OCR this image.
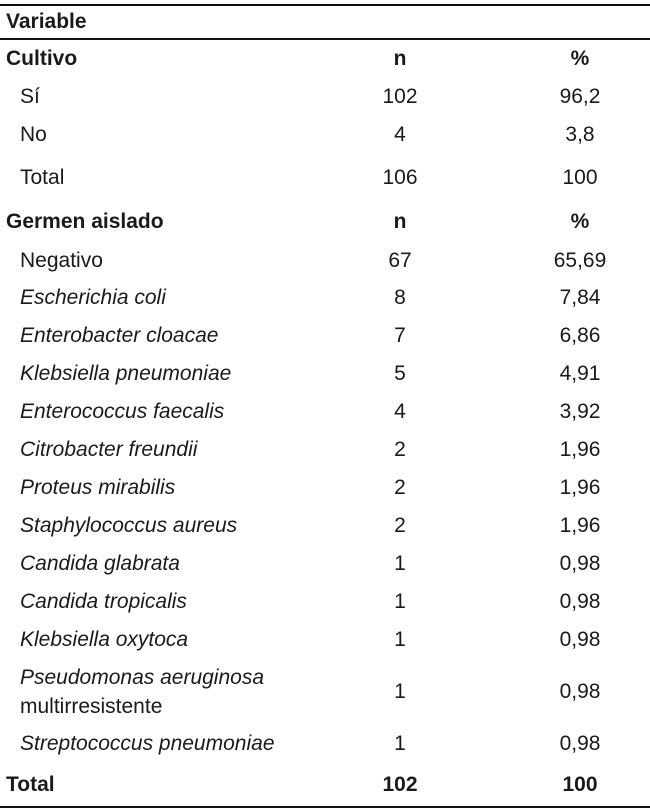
Variable			
Cultivo	n		%
Sí	102		96,2
No	4		3,8
Total	106		100
Germen aislado	n		%
Negativo	67		65,69
Escherichia coli	8		7,84
Enterobacter cloacae	7		6,86
Klebsiella pneumoniae	5		4,91
Enterococcus faecalis	4		3,92
Citrobacter freundii	2		1,96
Proteus mirabilis	2		1,96
Staphylococcus aureus	2		1,96
Candida glabrata	1		0,98
Candida tropicalis	1		0,98
Klebsiella oxytoca	1		0,98
Pseudomonas aeruginosa
multirresistente	1		0,98
Streptococcus pneumoniae	1		0,98
Total	102		100
